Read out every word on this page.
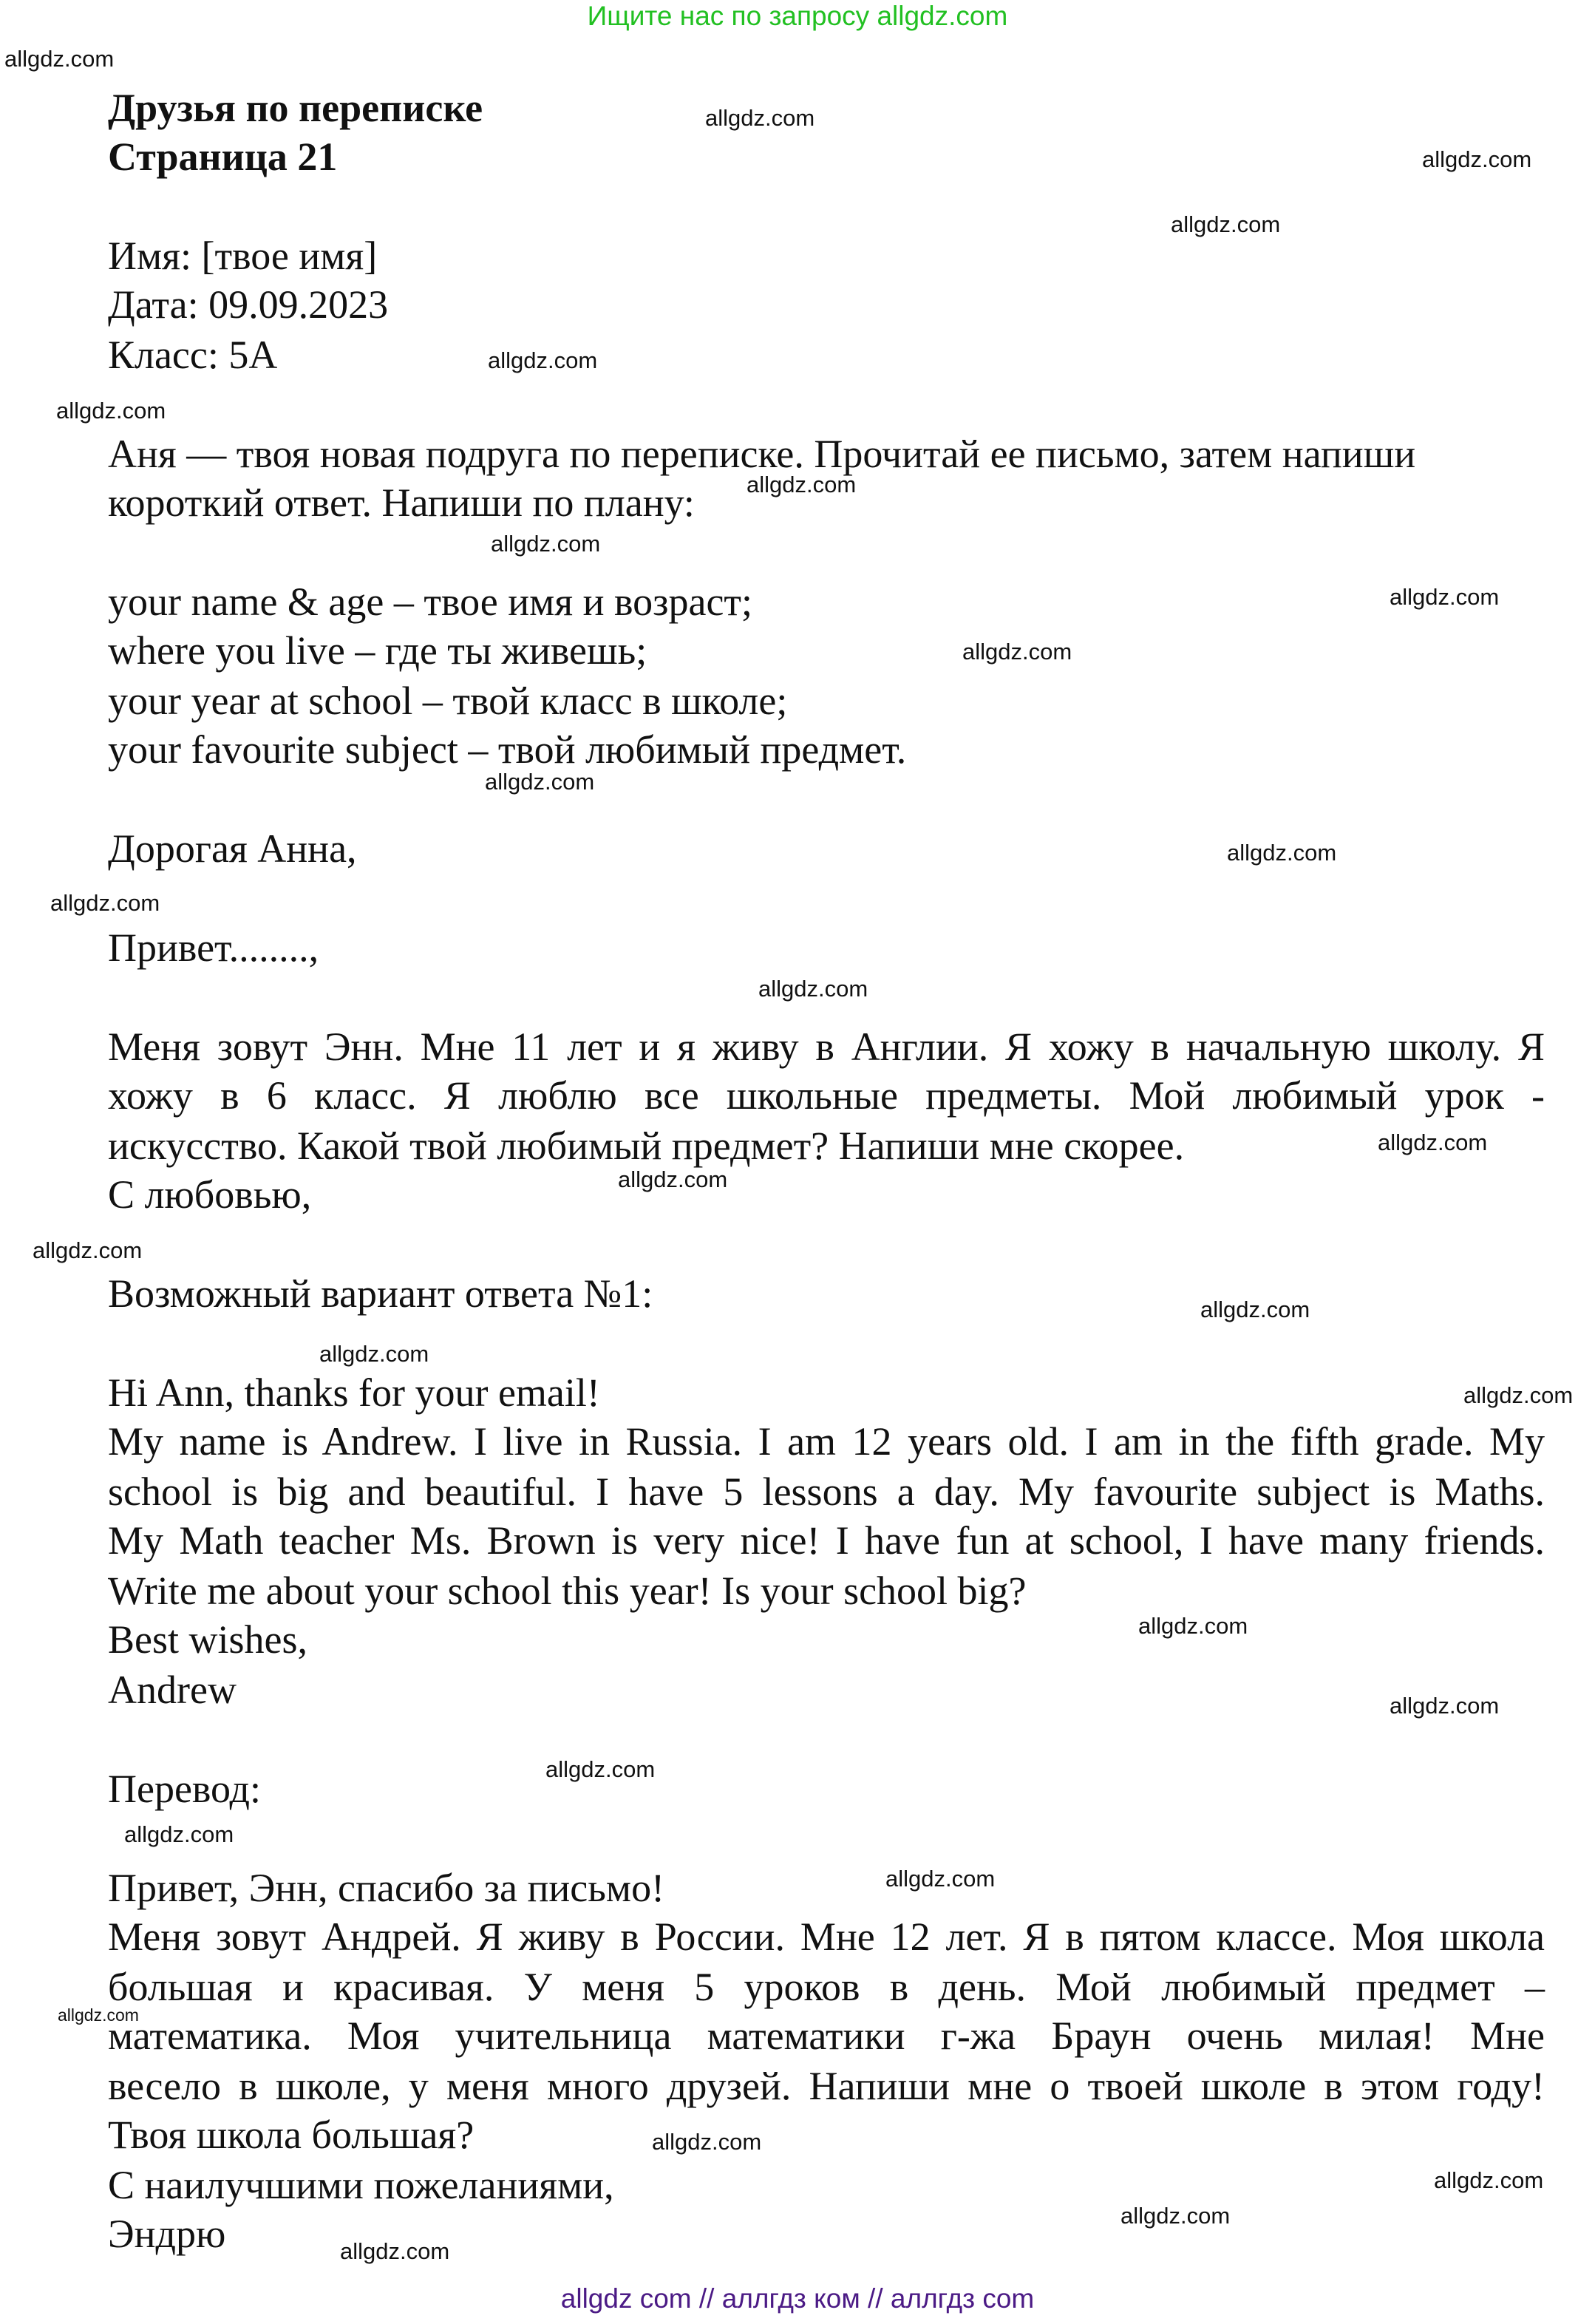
Ищите нас по запросу allgdz.com
Друзья по переписке
Страница 21
Имя: [твое имя]
Дата: 09.09.2023
Класс: 5А
Аня — твоя новая подруга по переписке. Прочитай ее письмо, затем напиши
короткий ответ. Напиши по плану:
your name & age – твое имя и возраст;
where you live – где ты живешь;
your year at school – твой класс в школе;
your favourite subject – твой любимый предмет.
Дорогая Анна,
Привет........,
Меня зовут Энн. Мне 11 лет и я живу в Англии. Я хожу в начальную школу. Я
хожу в 6 класс. Я люблю все школьные предметы. Мой любимый урок -
искусство. Какой твой любимый предмет? Напиши мне скорее.
С любовью,
Возможный вариант ответа №1:
Hi Ann, thanks for your email!
My name is Andrew. I live in Russia. I am 12 years old. I am in the fifth grade. My
school is big and beautiful. I have 5 lessons a day. My favourite subject is Maths.
My Math teacher Ms. Brown is very nice! I have fun at school, I have many friends.
Write me about your school this year! Is your school big?
Best wishes,
Andrew
Перевод:
Привет, Энн, спасибо за письмо!
Меня зовут Андрей. Я живу в России. Мне 12 лет. Я в пятом классе. Моя школа
большая и красивая. У меня 5 уроков в день. Мой любимый предмет –
математика. Моя учительница математики г-жа Браун очень милая! Мне
весело в школе, у меня много друзей. Напиши мне о твоей школе в этом году!
Твоя школа большая?
С наилучшими пожеланиями,
Эндрю
allgdz.com
allgdz.com
allgdz.com
allgdz.com
allgdz.com
allgdz.com
allgdz.com
allgdz.com
allgdz.com
allgdz.com
allgdz.com
allgdz.com
allgdz.com
allgdz.com
allgdz.com
allgdz.com
allgdz.com
allgdz.com
allgdz.com
allgdz.com
allgdz.com
allgdz.com
allgdz.com
allgdz.com
allgdz.com
allgdz.com
allgdz.com
allgdz.com
allgdz.com
allgdz.com
allgdz com // аллгдз ком // аллгдз com
